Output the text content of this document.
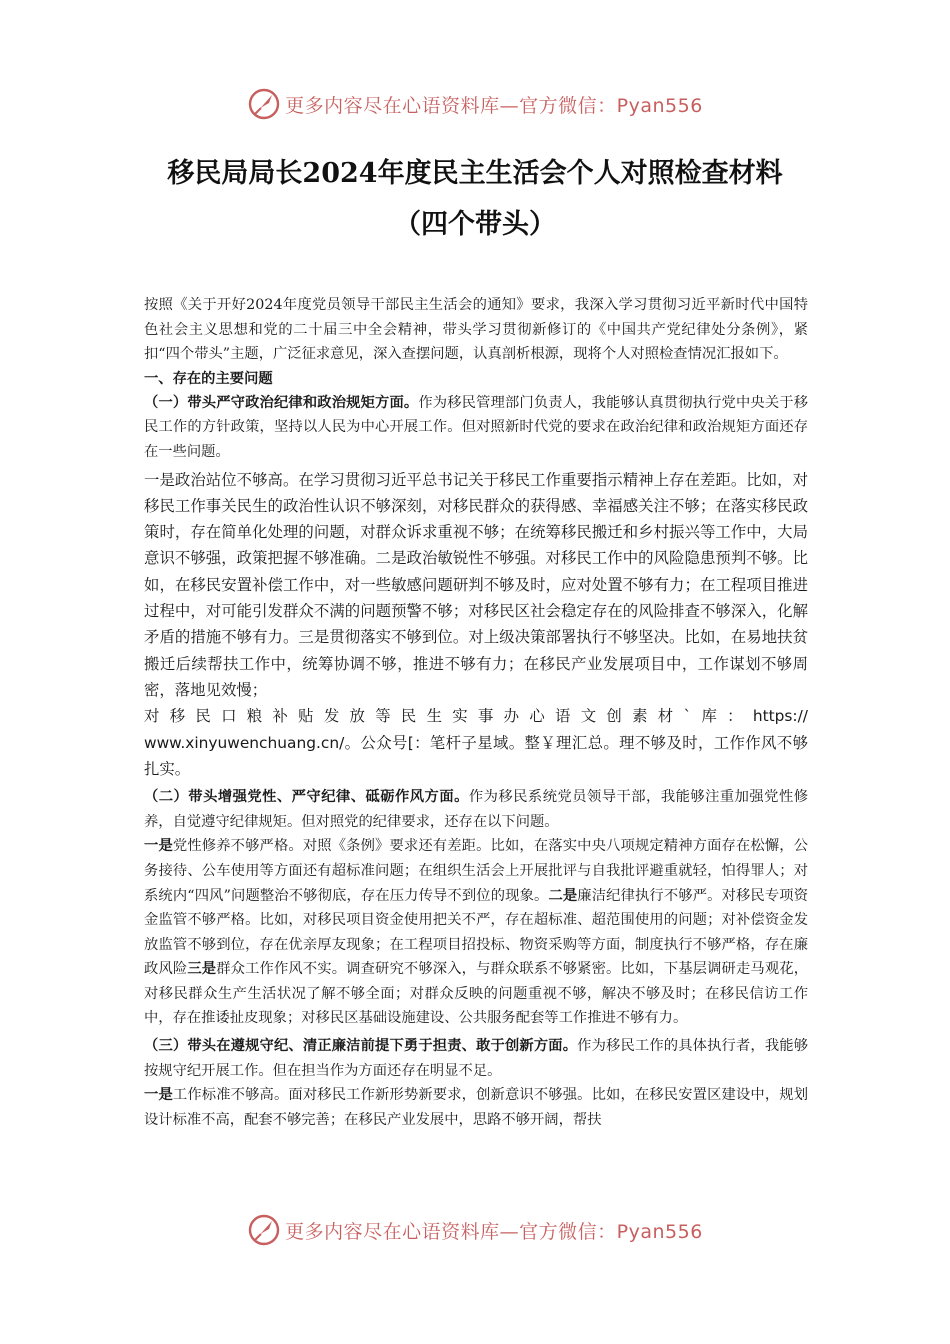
更多内容尽在心语资料库—官方微信：Pyan556
移民局局长2024年度民主生活会个人对照检查材料
（四个带头）

按照《关于开好2024年度党员领导干部民主生活会的通知》要求，我深入学习贯彻习近平新时代中国特色社会主义思想和党的二十届三中全会精神，带头学习贯彻新修订的《中国共产党纪律处分条例》，紧扣“四个带头”主题，广泛征求意见，深入查摆问题，认真剖析根源，现将个人对照检查情况汇报如下。

一、存在的主要问题

（一）带头严守政治纪律和政治规矩方面。作为移民管理部门负责人，我能够认真贯彻执行党中央关于移民工作的方针政策，坚持以人民为中心开展工作。但对照新时代党的要求在政治纪律和政治规矩方面还存在一些问题。

一是政治站位不够高。在学习贯彻习近平总书记关于移民工作重要指示精神上存在差距。比如，对移民工作事关民生的政治性认识不够深刻，对移民群众的获得感、幸福感关注不够；在落实移民政策时，存在简单化处理的问题，对群众诉求重视不够；在统筹移民搬迁和乡村振兴等工作中，大局意识不够强，政策把握不够准确。二是政治敏锐性不够强。对移民工作中的风险隐患预判不够。比如，在移民安置补偿工作中，对一些敏感问题研判不够及时，应对处置不够有力；在工程项目推进过程中，对可能引发群众不满的问题预警不够；对移民区社会稳定存在的风险排查不够深入，化解矛盾的措施不够有力。三是贯彻落实不够到位。对上级决策部署执行不够坚决。比如，在易地扶贫搬迁后续帮扶工作中，统筹协调不够，推进不够有力；在移民产业发展项目中，工作谋划不够周密，落地见效慢；
对移民口粮补贴发放等民生实事办心语文创素材`库：https://
www.xinyuwenchuang.cn/。公众号[：笔杆子星域。整￥理汇总。理不够及时，工作作风不够扎实。

（二）带头增强党性、严守纪律、砥砺作风方面。作为移民系统党员领导干部，我能够注重加强党性修养，自觉遵守纪律规矩。但对照党的纪律要求，还存在以下问题。

一是党性修养不够严格。对照《条例》要求还有差距。比如，在落实中央八项规定精神方面存在松懈，公务接待、公车使用等方面还有超标准问题；在组织生活会上开展批评与自我批评避重就轻，怕得罪人；对系统内“四风”问题整治不够彻底，存在压力传导不到位的现象。二是廉洁纪律执行不够严。对移民专项资金监管不够严格。比如，对移民项目资金使用把关不严，存在超标准、超范围使用的问题；对补偿资金发放监管不够到位，存在优亲厚友现象；在工程项目招投标、物资采购等方面，制度执行不够严格，存在廉政风险三是群众工作作风不实。调查研究不够深入，与群众联系不够紧密。比如，下基层调研走马观花，对移民群众生产生活状况了解不够全面；对群众反映的问题重视不够，解决不够及时；在移民信访工作中，存在推诿扯皮现象；对移民区基础设施建设、公共服务配套等工作推进不够有力。

（三）带头在遵规守纪、清正廉洁前提下勇于担责、敢于创新方面。作为移民工作的具体执行者，我能够按规守纪开展工作。但在担当作为方面还存在明显不足。

一是工作标准不够高。面对移民工作新形势新要求，创新意识不够强。比如，在移民安置区建设中，规划设计标准不高，配套不够完善；在移民产业发展中，思路不够开阔，帮扶

更多内容尽在心语资料库—官方微信：Pyan556
